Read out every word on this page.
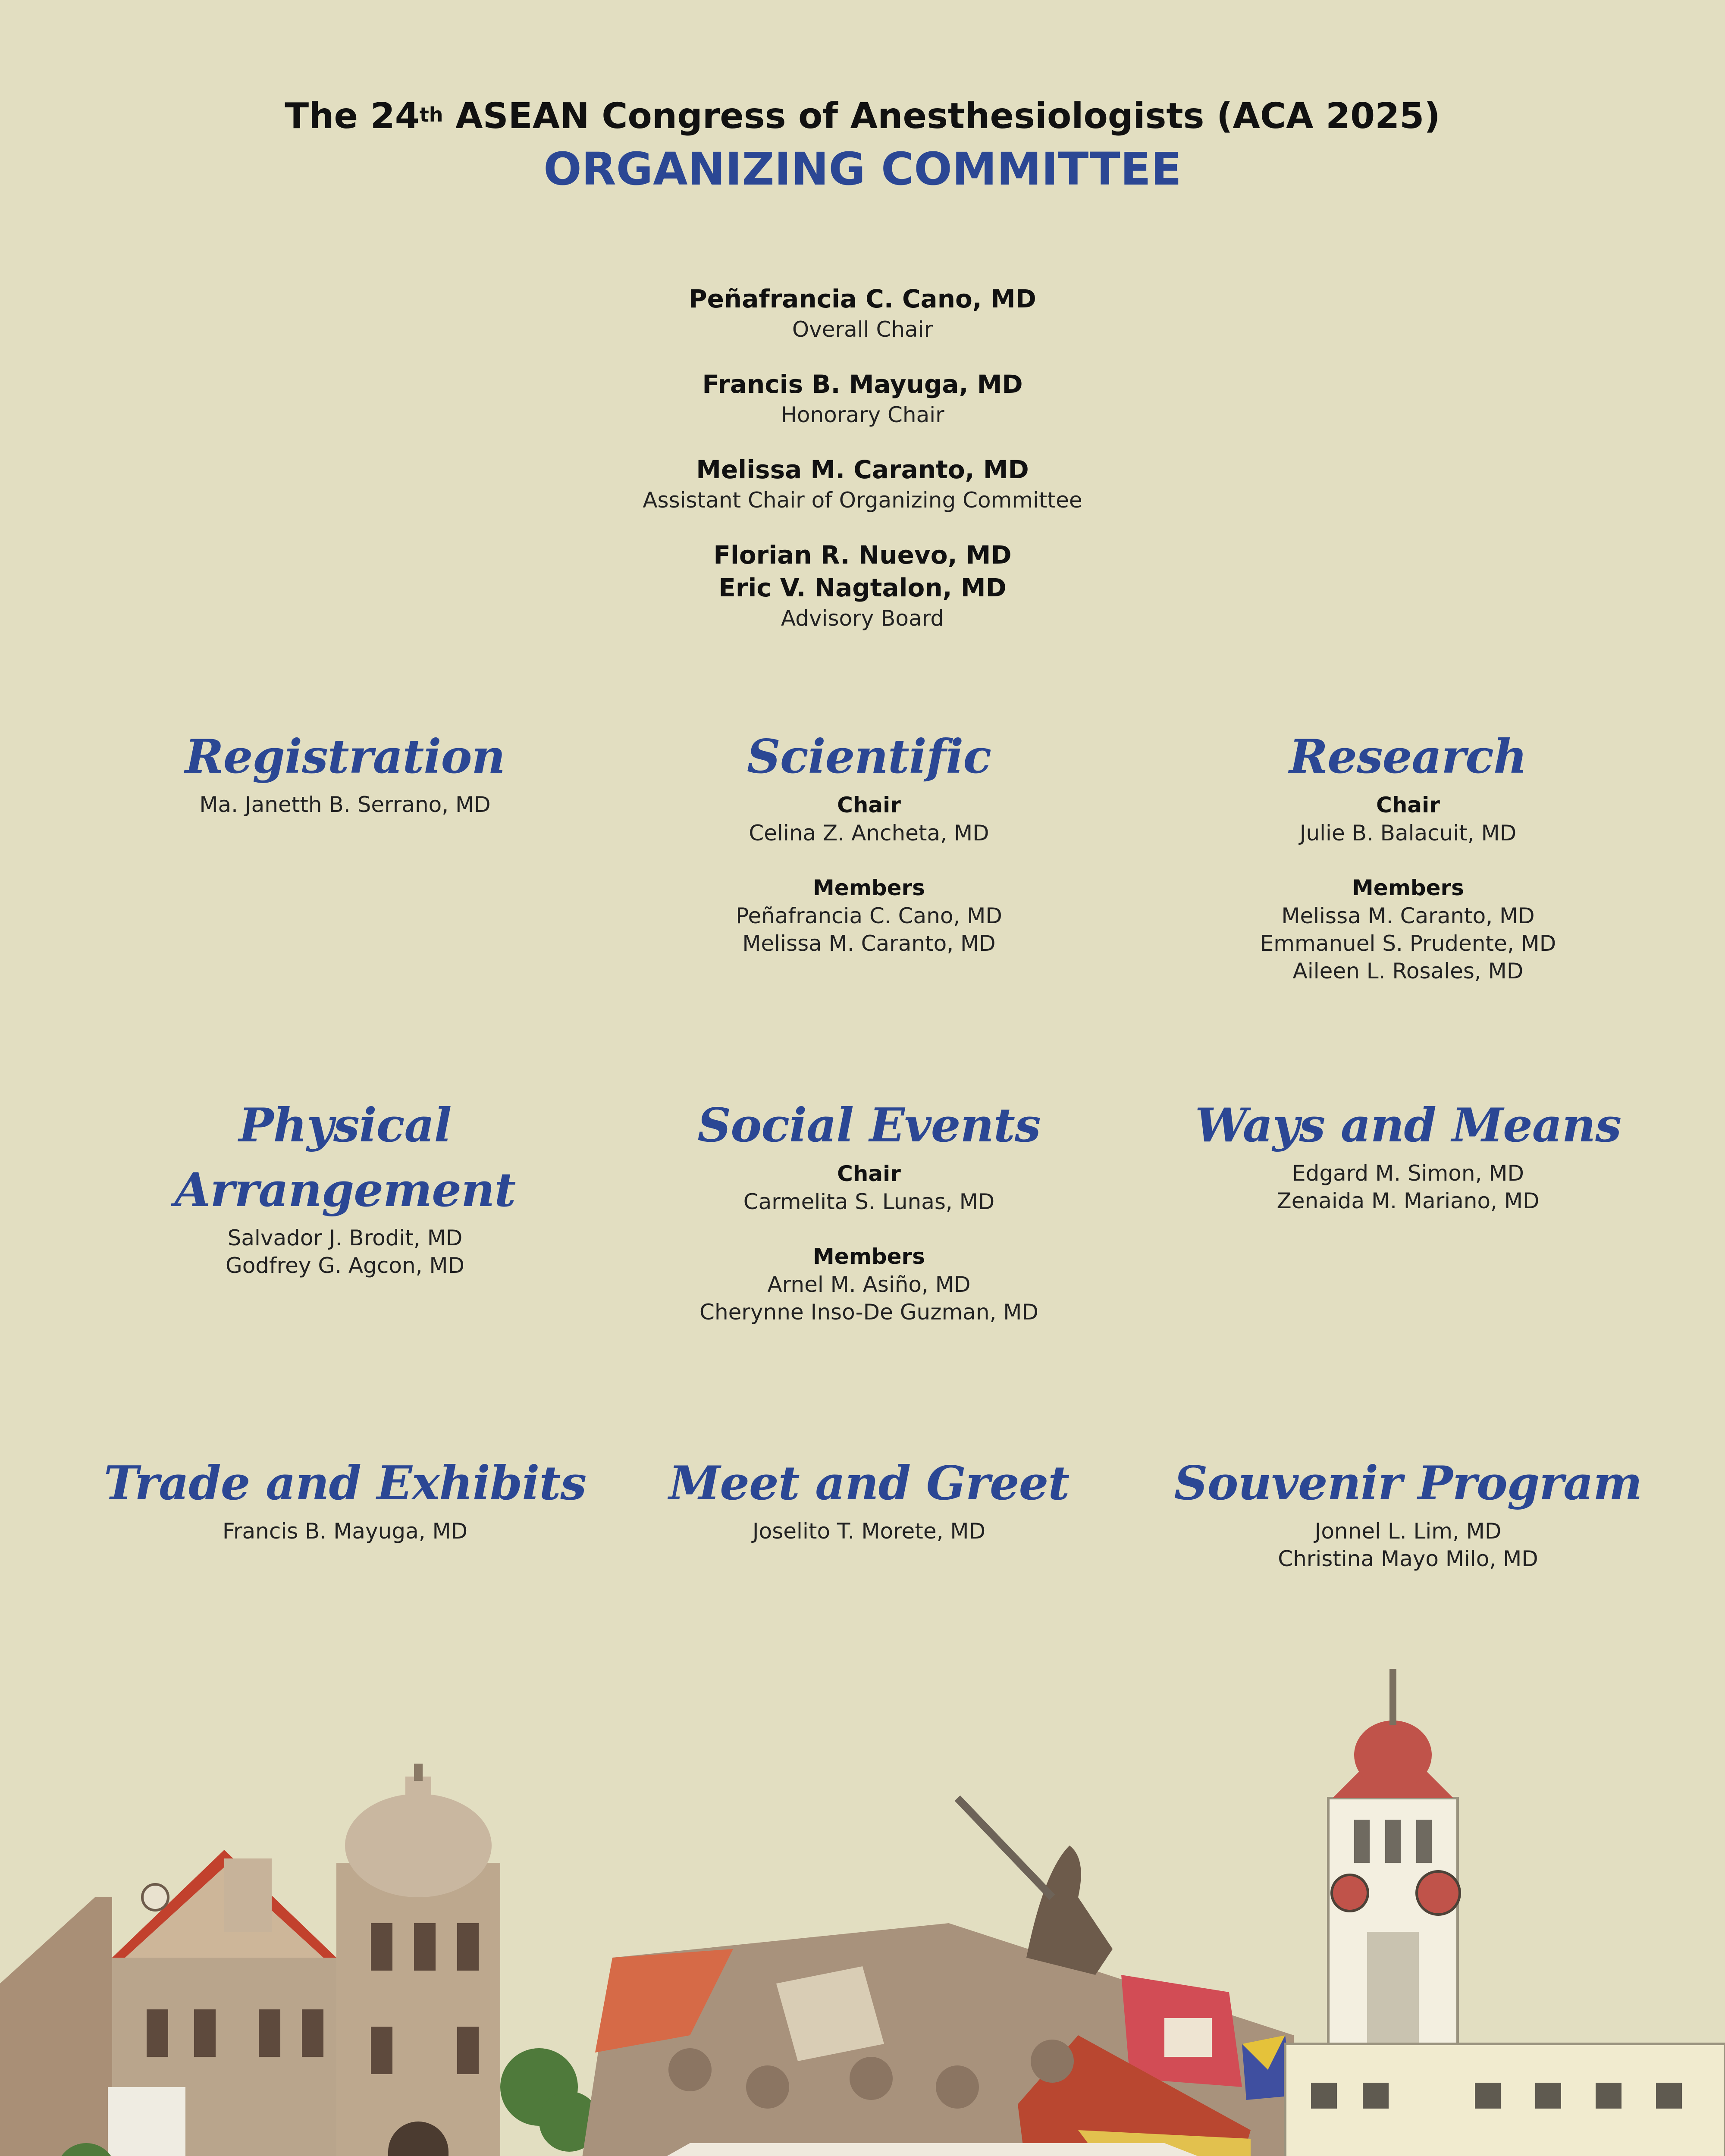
The 24th ASEAN Congress of Anesthesiologists (ACA 2025)
ORGANIZING COMMITTEE
Peñafrancia C. Cano, MD
Overall Chair
Francis B. Mayuga, MD
Honorary Chair
Melissa M. Caranto, MD
Assistant Chair of Organizing Committee
Florian R. Nuevo, MD
Eric V. Nagtalon, MD
Advisory Board
Registration
Ma. Janetth B. Serrano, MD
Scientific
Chair
Celina Z. Ancheta, MD
Members
Peñafrancia C. Cano, MD
Melissa M. Caranto, MD
Research
Chair
Julie B. Balacuit, MD
Members
Melissa M. Caranto, MD
Emmanuel S. Prudente, MD
Aileen L. Rosales, MD
Physical Arrangement
Salvador J. Brodit, MD
Godfrey G. Agcon, MD
Social Events
Chair
Carmelita S. Lunas, MD
Members
Arnel M. Asiño, MD
Cherynne Inso-De Guzman, MD
Ways and Means
Edgard M. Simon, MD
Zenaida M. Mariano, MD
Trade and Exhibits
Francis B. Mayuga, MD
Meet and Greet
Joselito T. Morete, MD
Souvenir Program
Jonnel L. Lim, MD
Christina Mayo Milo, MD
